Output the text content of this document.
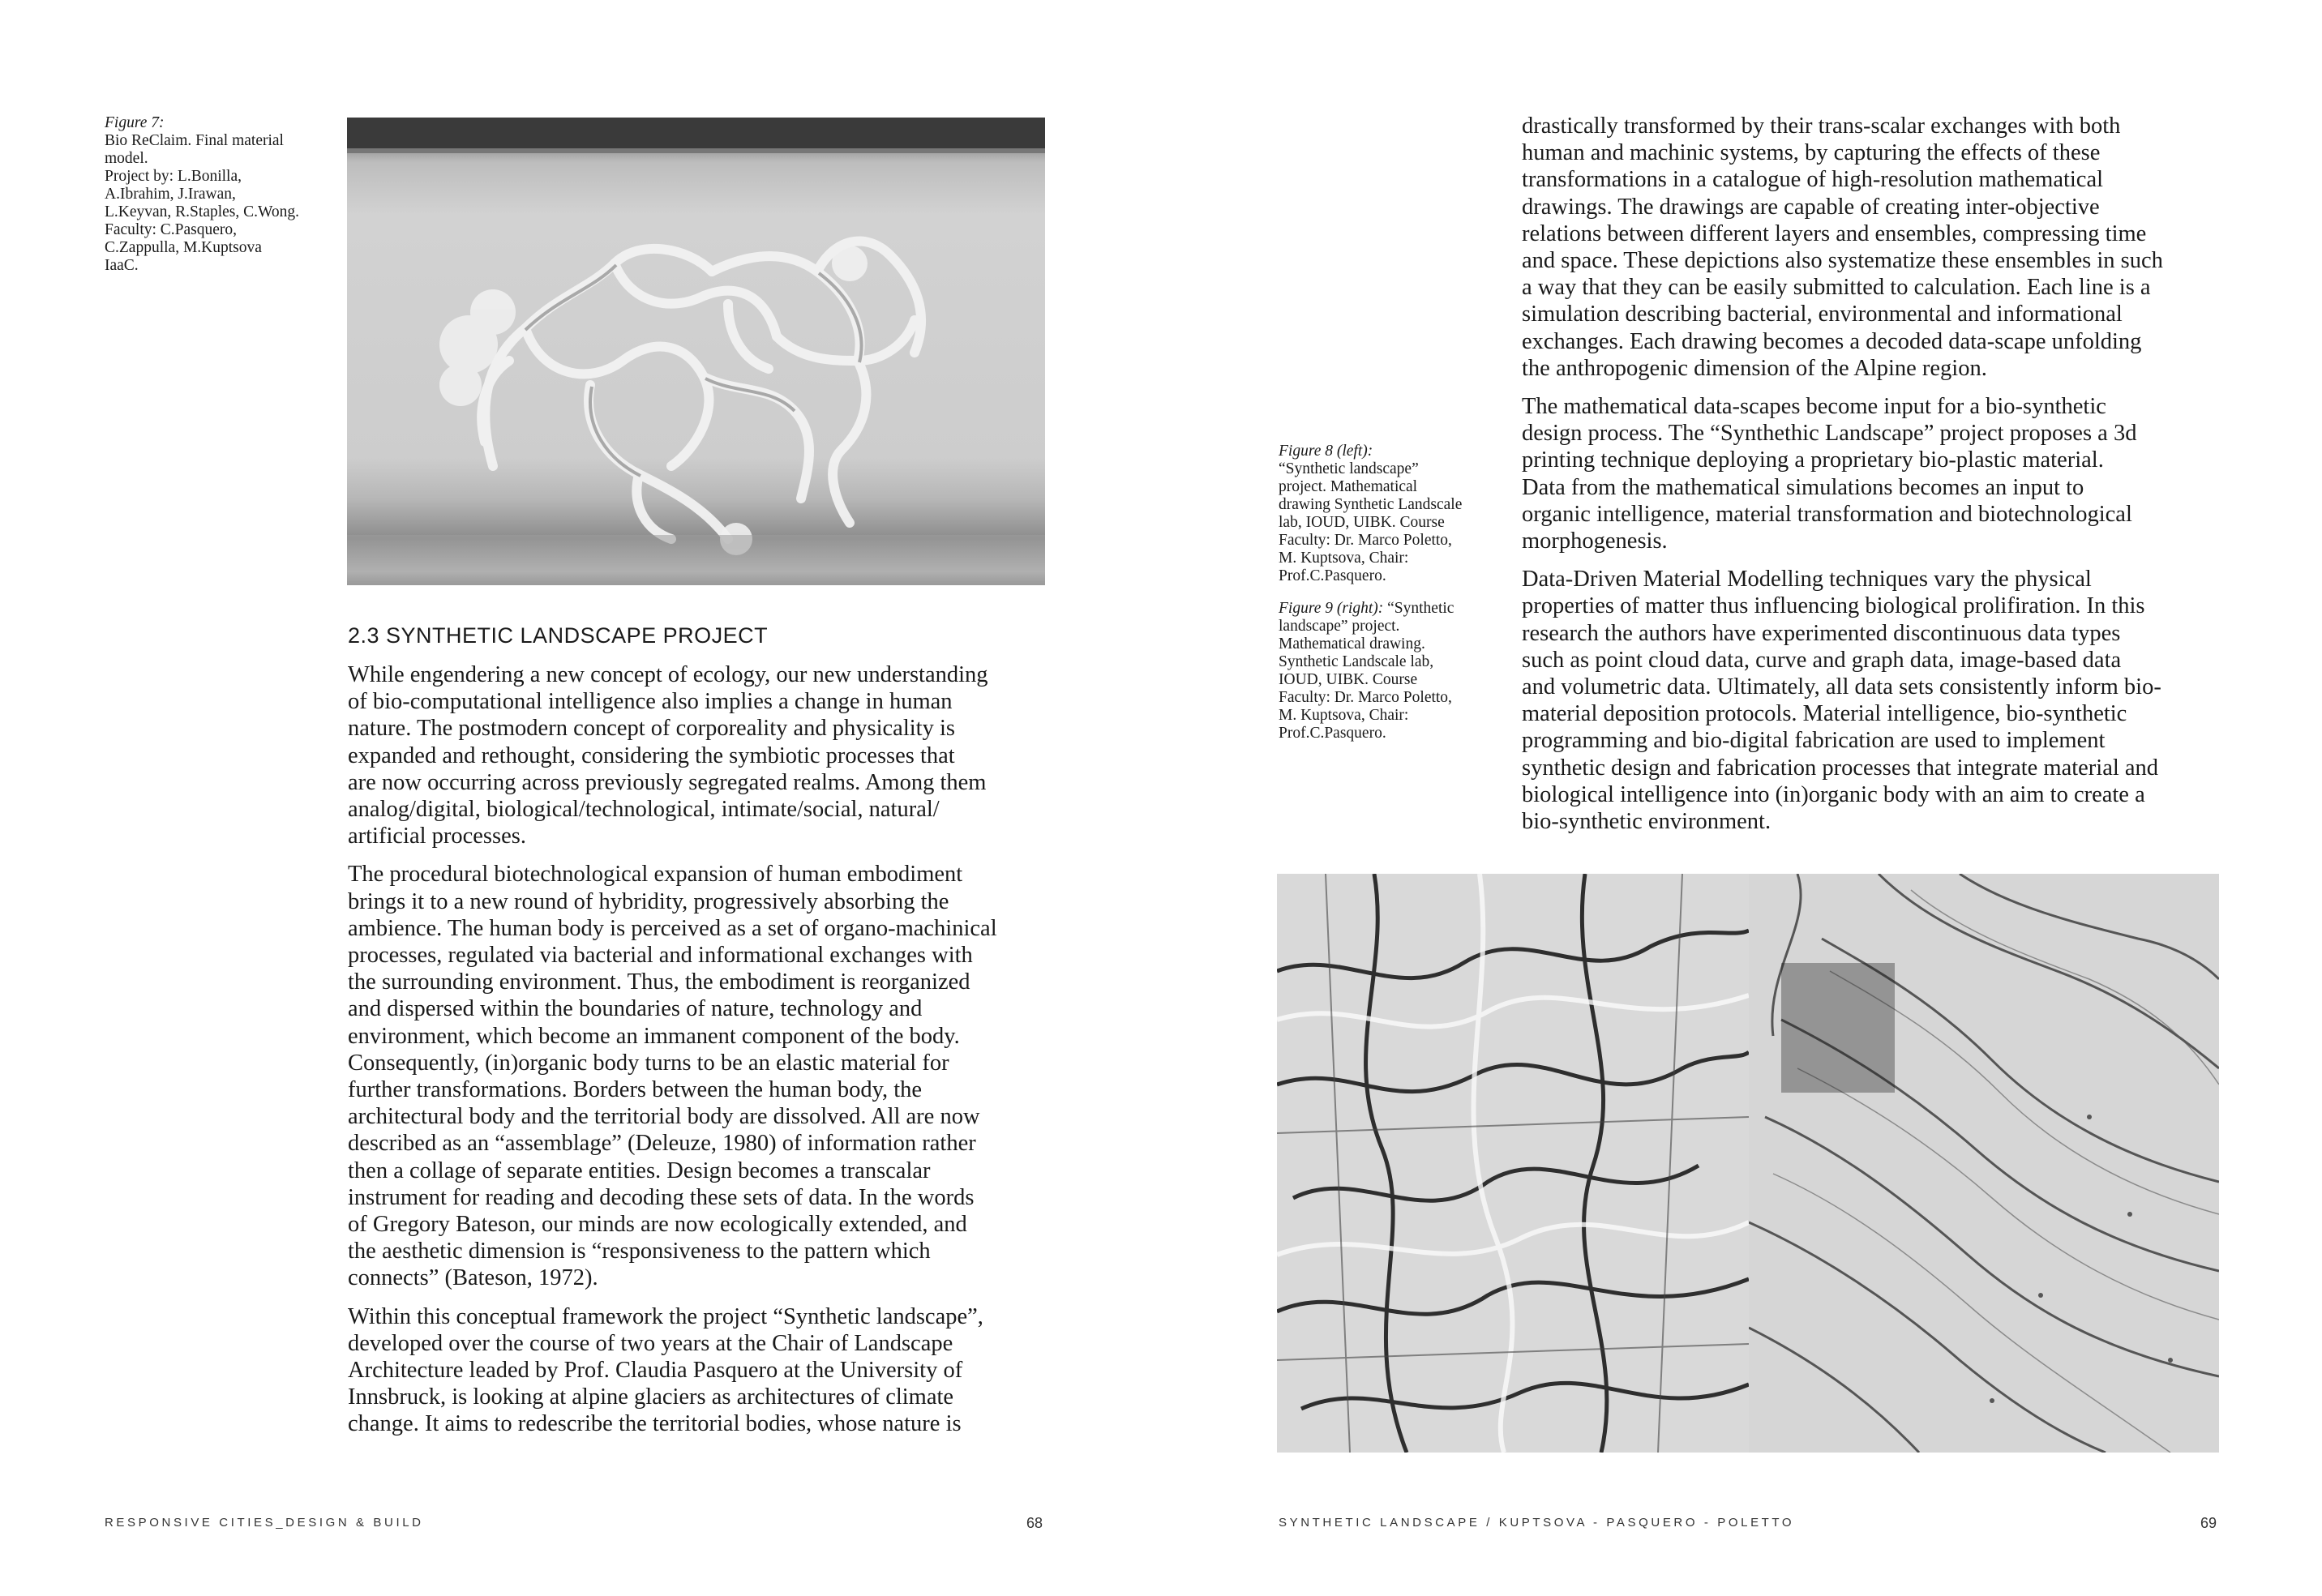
Figure 7:
Bio ReClaim. Final material
model.
Project by: L.Bonilla,
A.Ibrahim, J.Irawan,
L.Keyvan, R.Staples, C.Wong.
Faculty: C.Pasquero,
C.Zappulla, M.Kuptsova
IaaC.
2.3 SYNTHETIC LANDSCAPE PROJECT

While engendering a new concept of ecology, our new understanding
of bio-computational intelligence also implies a change in human
nature. The postmodern concept of corporeality and physicality is
expanded and rethought, considering the symbiotic processes that
are now occurring across previously segregated realms. Among them
analog/digital, biological/technological, intimate/social, natural/
artificial processes.

The procedural biotechnological expansion of human embodiment
brings it to a new round of hybridity, progressively absorbing the
ambience. The human body is perceived as a set of organo-machinical
processes, regulated via bacterial and informational exchanges with
the surrounding environment. Thus, the embodiment is reorganized
and dispersed within the boundaries of nature, technology and
environment, which become an immanent component of the body.
Consequently, (in)organic body turns to be an elastic material for
further transformations. Borders between the human body, the
architectural body and the territorial body are dissolved. All are now
described as an “assemblage” (Deleuze, 1980) of information rather
then a collage of separate entities. Design becomes a transcalar
instrument for reading and decoding these sets of data. In the words
of Gregory Bateson, our minds are now ecologically extended, and
the aesthetic dimension is “responsiveness to the pattern which
connects” (Bateson, 1972).

Within this conceptual framework the project “Synthetic landscape”,
developed over the course of two years at the Chair of Landscape
Architecture leaded by Prof. Claudia Pasquero at the University of
Innsbruck, is looking at alpine glaciers as architectures of climate
change. It aims to redescribe the territorial bodies, whose nature is

RESPONSIVE CITIES_DESIGN & BUILD	68

drastically transformed by their trans-scalar exchanges with both
human and machinic systems, by capturing the effects of these
transformations in a catalogue of high-resolution mathematical
drawings. The drawings are capable of creating inter-objective
relations between different layers and ensembles, compressing time
and space. These depictions also systematize these ensembles in such
a way that they can be easily submitted to calculation. Each line is a
simulation describing bacterial, environmental and informational
exchanges. Each drawing becomes a decoded data-scape unfolding
the anthropogenic dimension of the Alpine region.

The mathematical data-scapes become input for a bio-synthetic
design process. The “Synthethic Landscape” project proposes a 3d
printing technique deploying a proprietary bio-plastic material.
Data from the mathematical simulations becomes an input to
organic intelligence, material transformation and biotechnological
morphogenesis.

Data-Driven Material Modelling techniques vary the physical
properties of matter thus influencing biological prolifiration. In this
research the authors have experimented discontinuous data types
such as point cloud data, curve and graph data, image-based data
and volumetric data. Ultimately, all data sets consistently inform bio-
material deposition protocols. Material intelligence, bio-synthetic
programming and bio-digital fabrication are used to implement
synthetic design and fabrication processes that integrate material and
biological intelligence into (in)organic body with an aim to create a
bio-synthetic environment.

Figure 8 (left):
“Synthetic landscape”
project. Mathematical
drawing Synthetic Landscale
lab, IOUD, UIBK. Course
Faculty: Dr. Marco Poletto,
M. Kuptsova, Chair:
Prof.C.Pasquero.

Figure 9 (right): “Synthetic
landscape” project.
Mathematical drawing.
Synthetic Landscale lab,
IOUD, UIBK. Course
Faculty: Dr. Marco Poletto,
M. Kuptsova, Chair:
Prof.C.Pasquero.

SYNTHETIC LANDSCAPE / KUPTSOVA - PASQUERO - POLETTO	69
